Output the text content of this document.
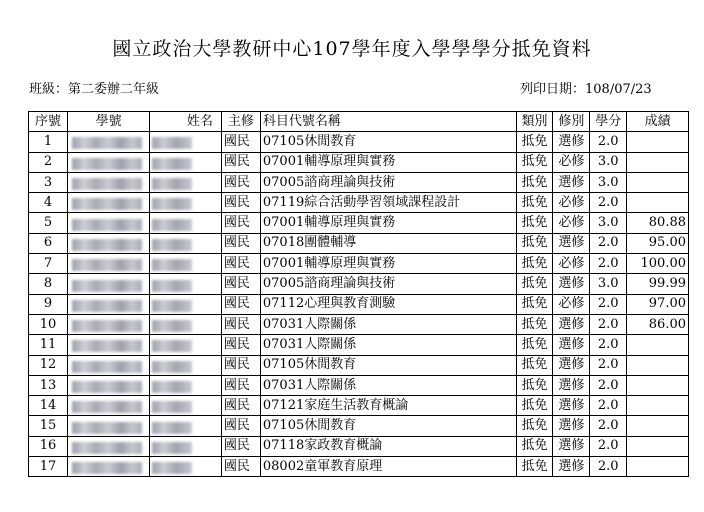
國立政治大學教研中心107學年度入學學學分抵免資料
班級：第二委辦二年級	列印日期：108/07/23
序號	學號	姓名	主修	科目代號名稱	類別	修別	學分	成績
1			國民	07105休閒教育	抵免	選修	2.0	
2			國民	07001輔導原理與實務	抵免	必修	3.0	
3			國民	07005諮商理論與技術	抵免	選修	3.0	
4			國民	07119綜合活動學習領域課程設計	抵免	必修	2.0	
5			國民	07001輔導原理與實務	抵免	必修	3.0	80.88
6			國民	07018團體輔導	抵免	選修	2.0	95.00
7			國民	07001輔導原理與實務	抵免	必修	2.0	100.00
8			國民	07005諮商理論與技術	抵免	選修	3.0	99.99
9			國民	07112心理與教育測驗	抵免	必修	2.0	97.00
10			國民	07031人際關係	抵免	選修	2.0	86.00
11			國民	07031人際關係	抵免	選修	2.0	
12			國民	07105休閒教育	抵免	選修	2.0	
13			國民	07031人際關係	抵免	選修	2.0	
14			國民	07121家庭生活教育概論	抵免	選修	2.0	
15			國民	07105休閒教育	抵免	選修	2.0	
16			國民	07118家政教育概論	抵免	選修	2.0	
17			國民	08002童軍教育原理	抵免	選修	2.0	
